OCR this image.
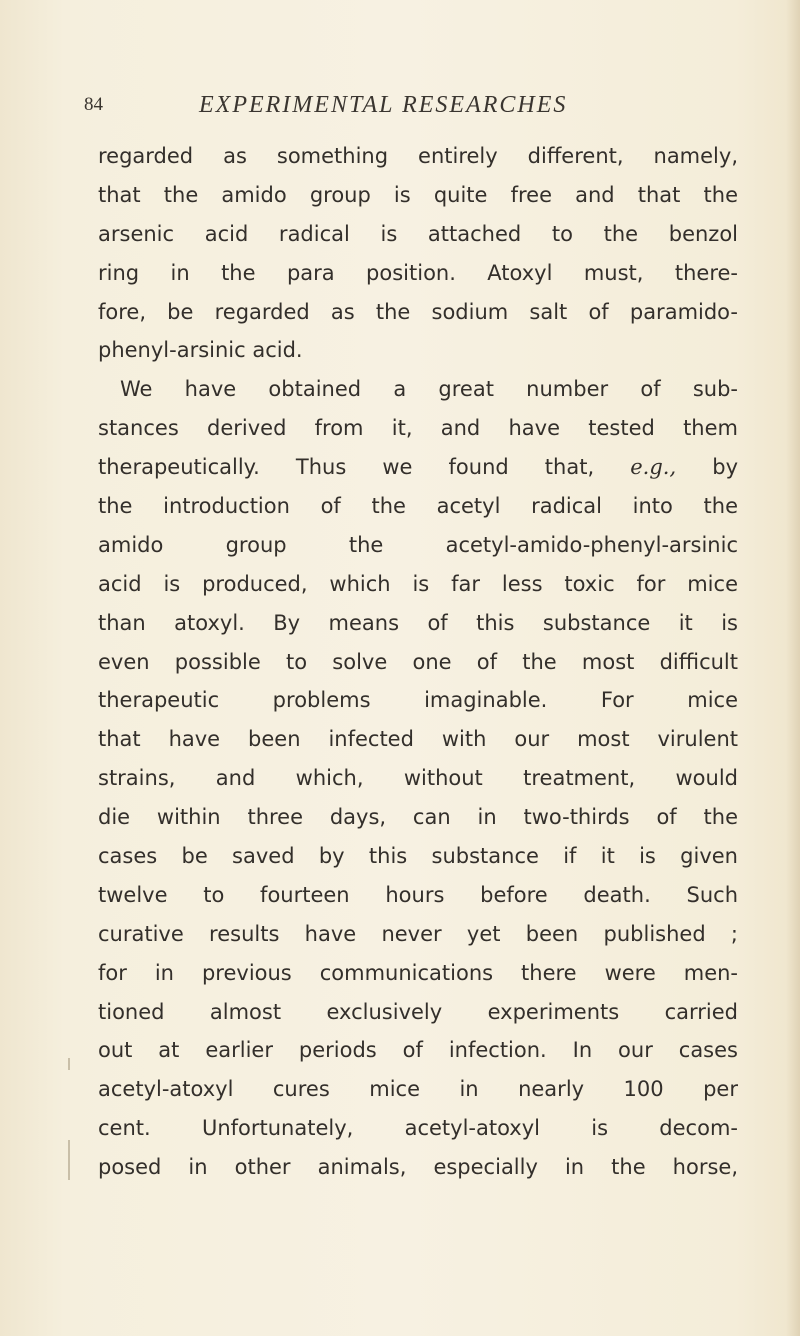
84	EXPERIMENTAL RESEARCHES
regarded as something entirely different, namely,
that the amido group is quite free and that the
arsenic acid radical is attached to the benzol
ring in the para position. Atoxyl must, there-
fore, be regarded as the sodium salt of paramido-
phenyl-arsinic acid.
We have obtained a great number of sub-
stances derived from it, and have tested them
therapeutically. Thus we found that, e.g., by
the introduction of the acetyl radical into the
amido group the acetyl-amido-phenyl-arsinic
acid is produced, which is far less toxic for mice
than atoxyl. By means of this substance it is
even possible to solve one of the most difficult
therapeutic problems imaginable. For mice
that have been infected with our most virulent
strains, and which, without treatment, would
die within three days, can in two-thirds of the
cases be saved by this substance if it is given
twelve to fourteen hours before death. Such
curative results have never yet been published ;
for in previous communications there were men-
tioned almost exclusively experiments carried
out at earlier periods of infection. In our cases
acetyl-atoxyl cures mice in nearly 100 per
cent. Unfortunately, acetyl-atoxyl is decom-
posed in other animals, especially in the horse,
